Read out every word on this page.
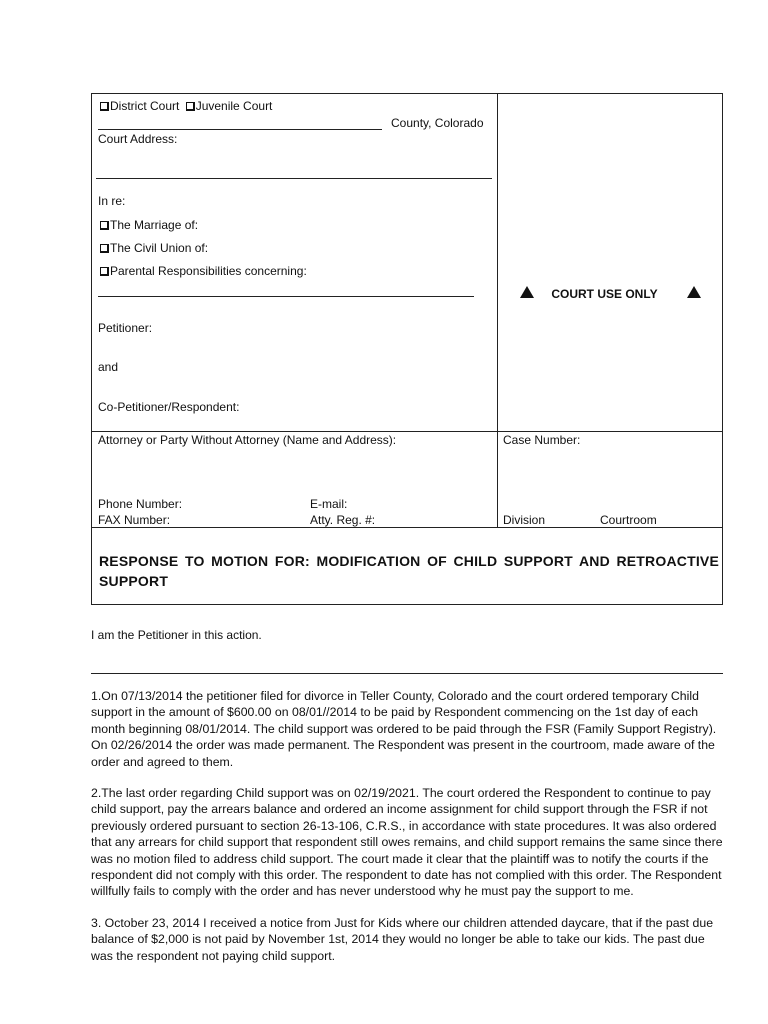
District Court Juvenile Court
County, Colorado
Court Address:
In re:
The Marriage of:
The Civil Union of:
Parental Responsibilities concerning:
Petitioner:
and
Co-Petitioner/Respondent:
COURT USE ONLY
Attorney or Party Without Attorney (Name and Address):	Case Number:
Phone Number:	E-mail:
FAX Number:	Atty. Reg. #:	Division	Courtroom
RESPONSE TO MOTION FOR: MODIFICATION OF CHILD SUPPORT AND RETROACTIVE SUPPORT
I am the Petitioner in this action.
1.On 07/13/2014 the petitioner filed for divorce in Teller County, Colorado and the court ordered temporary Child support in the amount of $600.00 on 08/01//2014 to be paid by Respondent commencing on the 1st day of each month beginning 08/01/2014. The child support was ordered to be paid through the FSR (Family Support Registry). On 02/26/2014 the order was made permanent. The Respondent was present in the courtroom, made aware of the order and agreed to them.
2.The last order regarding Child support was on 02/19/2021. The court ordered the Respondent to continue to pay child support, pay the arrears balance and ordered an income assignment for child support through the FSR if not previously ordered pursuant to section 26-13-106, C.R.S., in accordance with state procedures. It was also ordered that any arrears for child support that respondent still owes remains, and child support remains the same since there was no motion filed to address child support. The court made it clear that the plaintiff was to notify the courts if the respondent did not comply with this order. The respondent to date has not complied with this order. The Respondent willfully fails to comply with the order and has never understood why he must pay the support to me.
3. October 23, 2014 I received a notice from Just for Kids where our children attended daycare, that if the past due balance of $2,000 is not paid by November 1st, 2014 they would no longer be able to take our kids. The past due was the respondent not paying child support.
